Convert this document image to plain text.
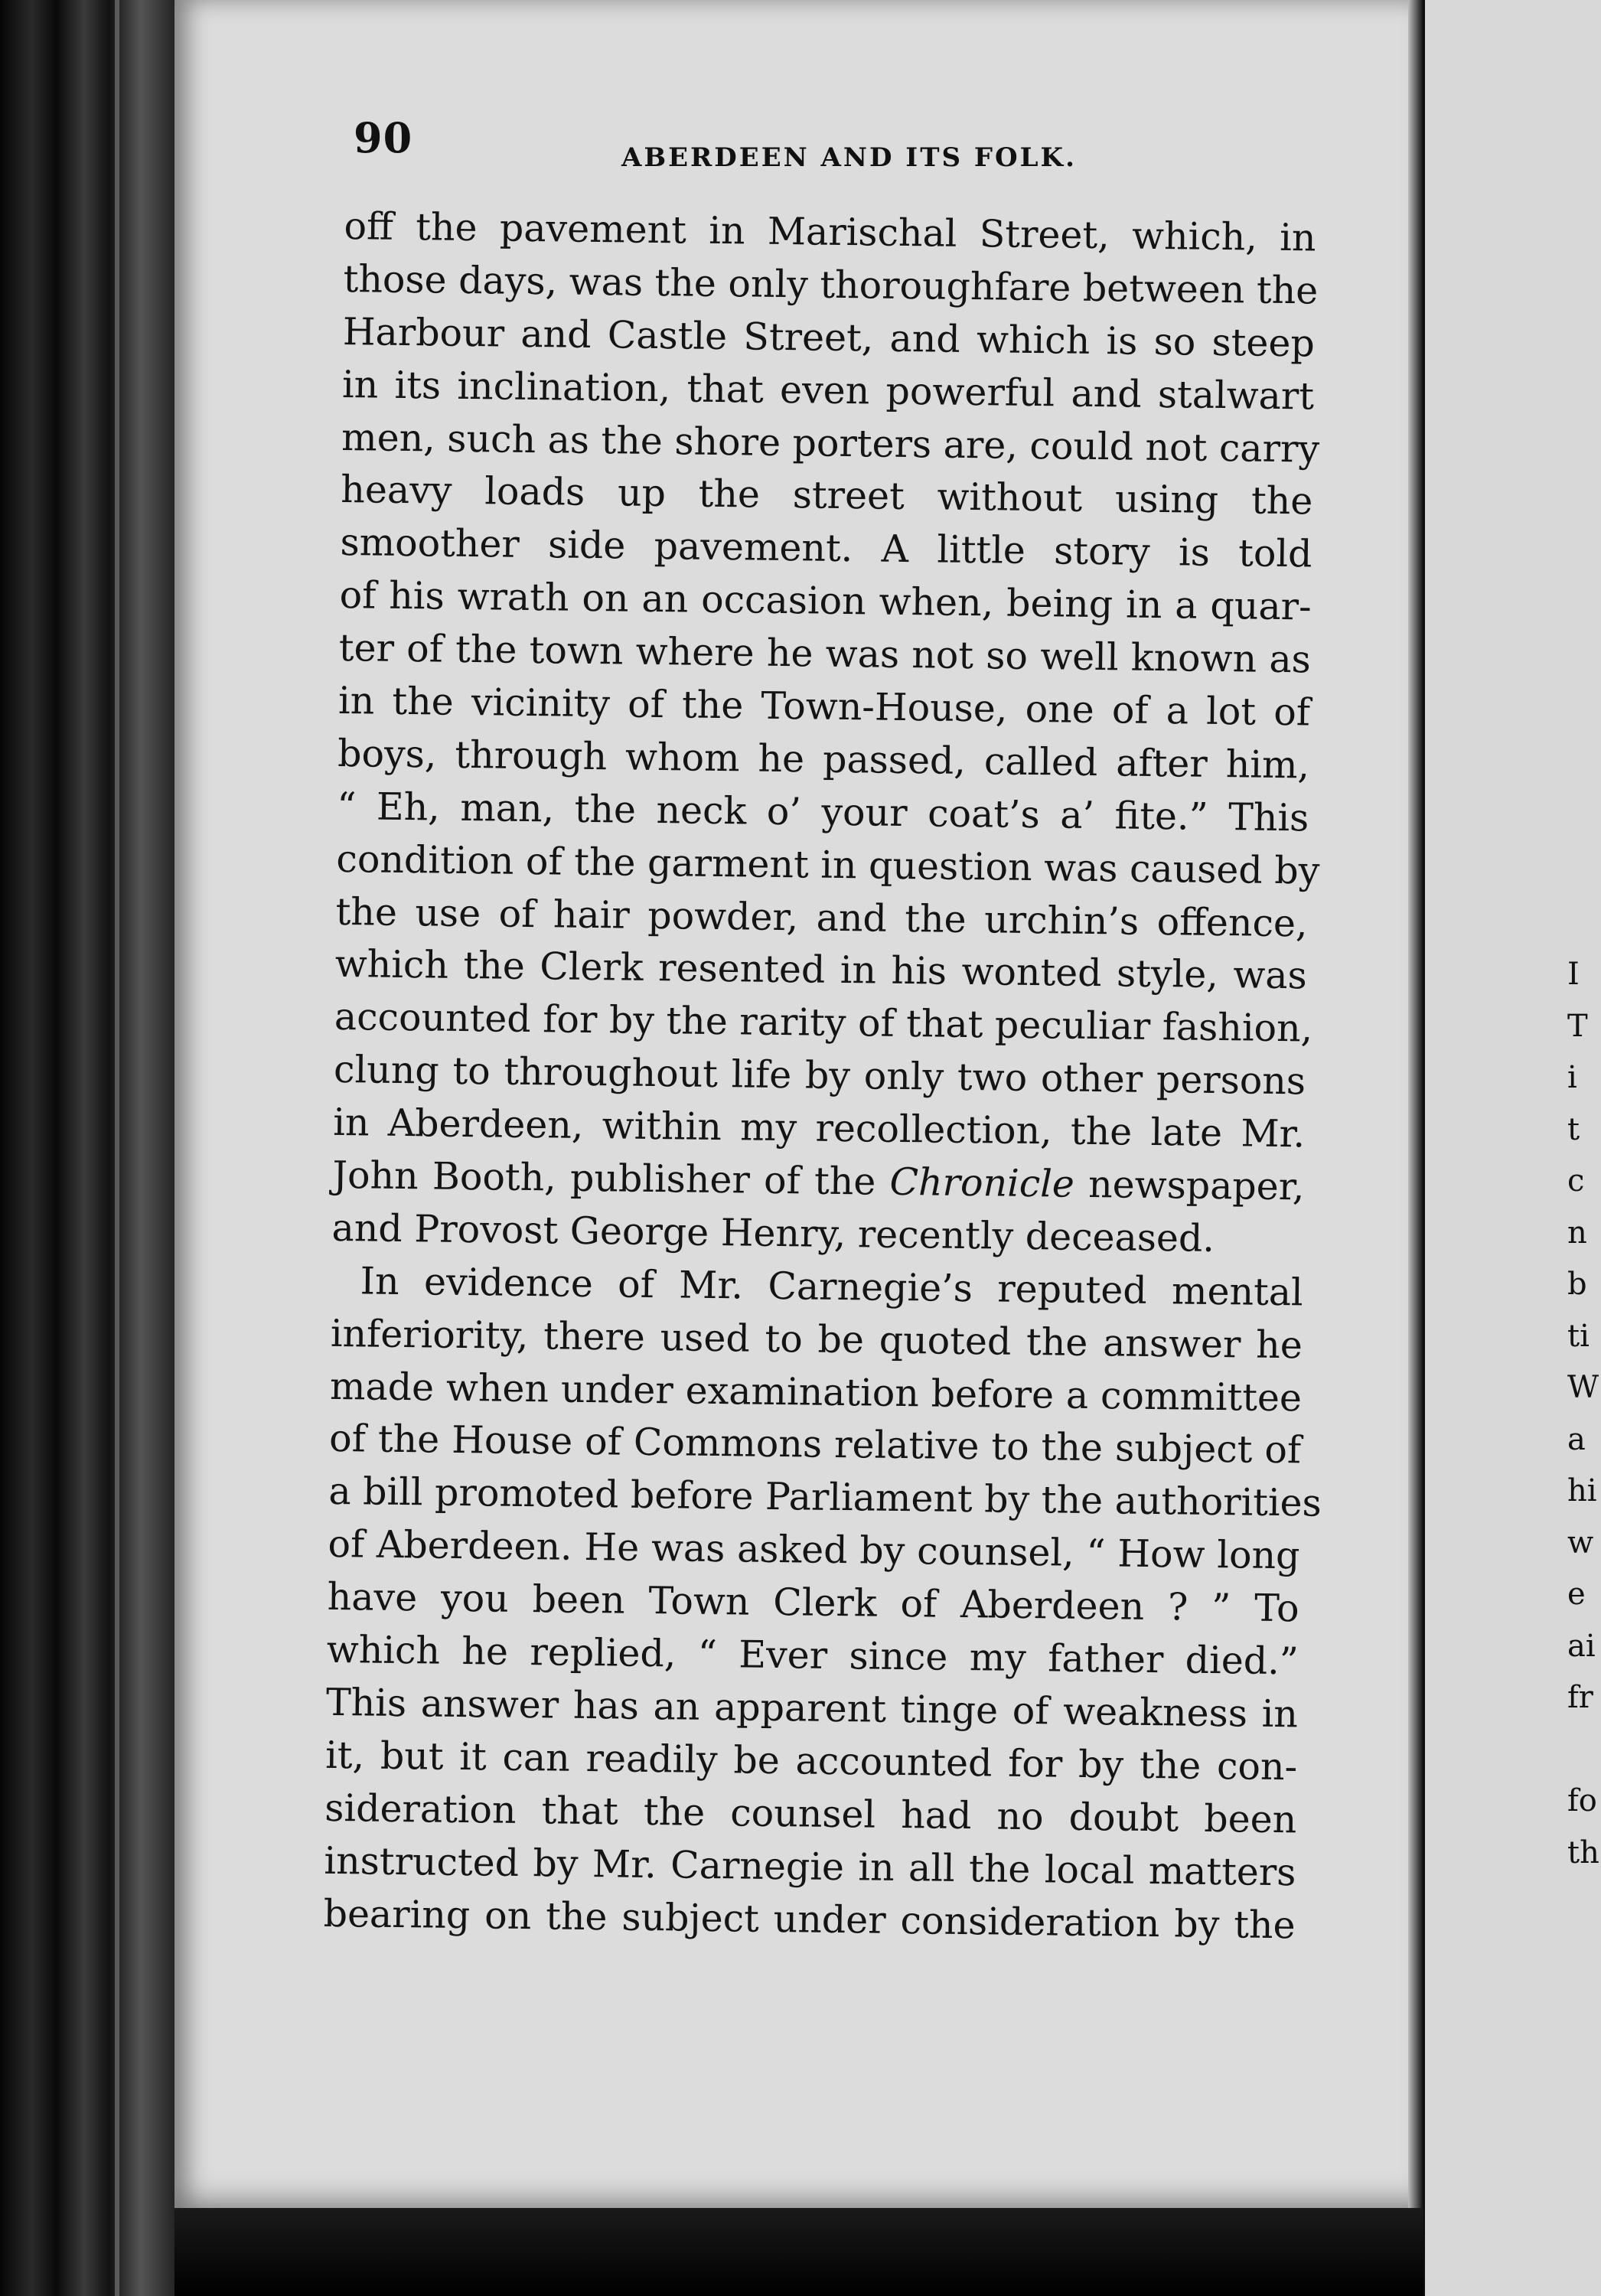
I
T
i
t
c
n
b
ti
W
a
hi
w
e
ai
fr
fo
th
90	ABERDEEN AND ITS FOLK.
off the pavement in Marischal Street, which, in
those days, was the only thoroughfare between the
Harbour and Castle Street, and which is so steep
in its inclination, that even powerful and stalwart
men, such as the shore porters are, could not carry
heavy loads up the street without using the
smoother side pavement. A little story is told
of his wrath on an occasion when, being in a quar-
ter of the town where he was not so well known as
in the vicinity of the Town-House, one of a lot of
boys, through whom he passed, called after him,
“ Eh, man, the neck o’ your coat’s a’ fite.” This
condition of the garment in question was caused by
the use of hair powder, and the urchin’s offence,
which the Clerk resented in his wonted style, was
accounted for by the rarity of that peculiar fashion,
clung to throughout life by only two other persons
in Aberdeen, within my recollection, the late Mr.
John Booth, publisher of the Chronicle newspaper,
and Provost George Henry, recently deceased.
In evidence of Mr. Carnegie’s reputed mental
inferiority, there used to be quoted the answer he
made when under examination before a committee
of the House of Commons relative to the subject of
a bill promoted before Parliament by the authorities
of Aberdeen. He was asked by counsel, “ How long
have you been Town Clerk of Aberdeen ? ” To
which he replied, “ Ever since my father died.”
This answer has an apparent tinge of weakness in
it, but it can readily be accounted for by the con-
sideration that the counsel had no doubt been
instructed by Mr. Carnegie in all the local matters
bearing on the subject under consideration by the
